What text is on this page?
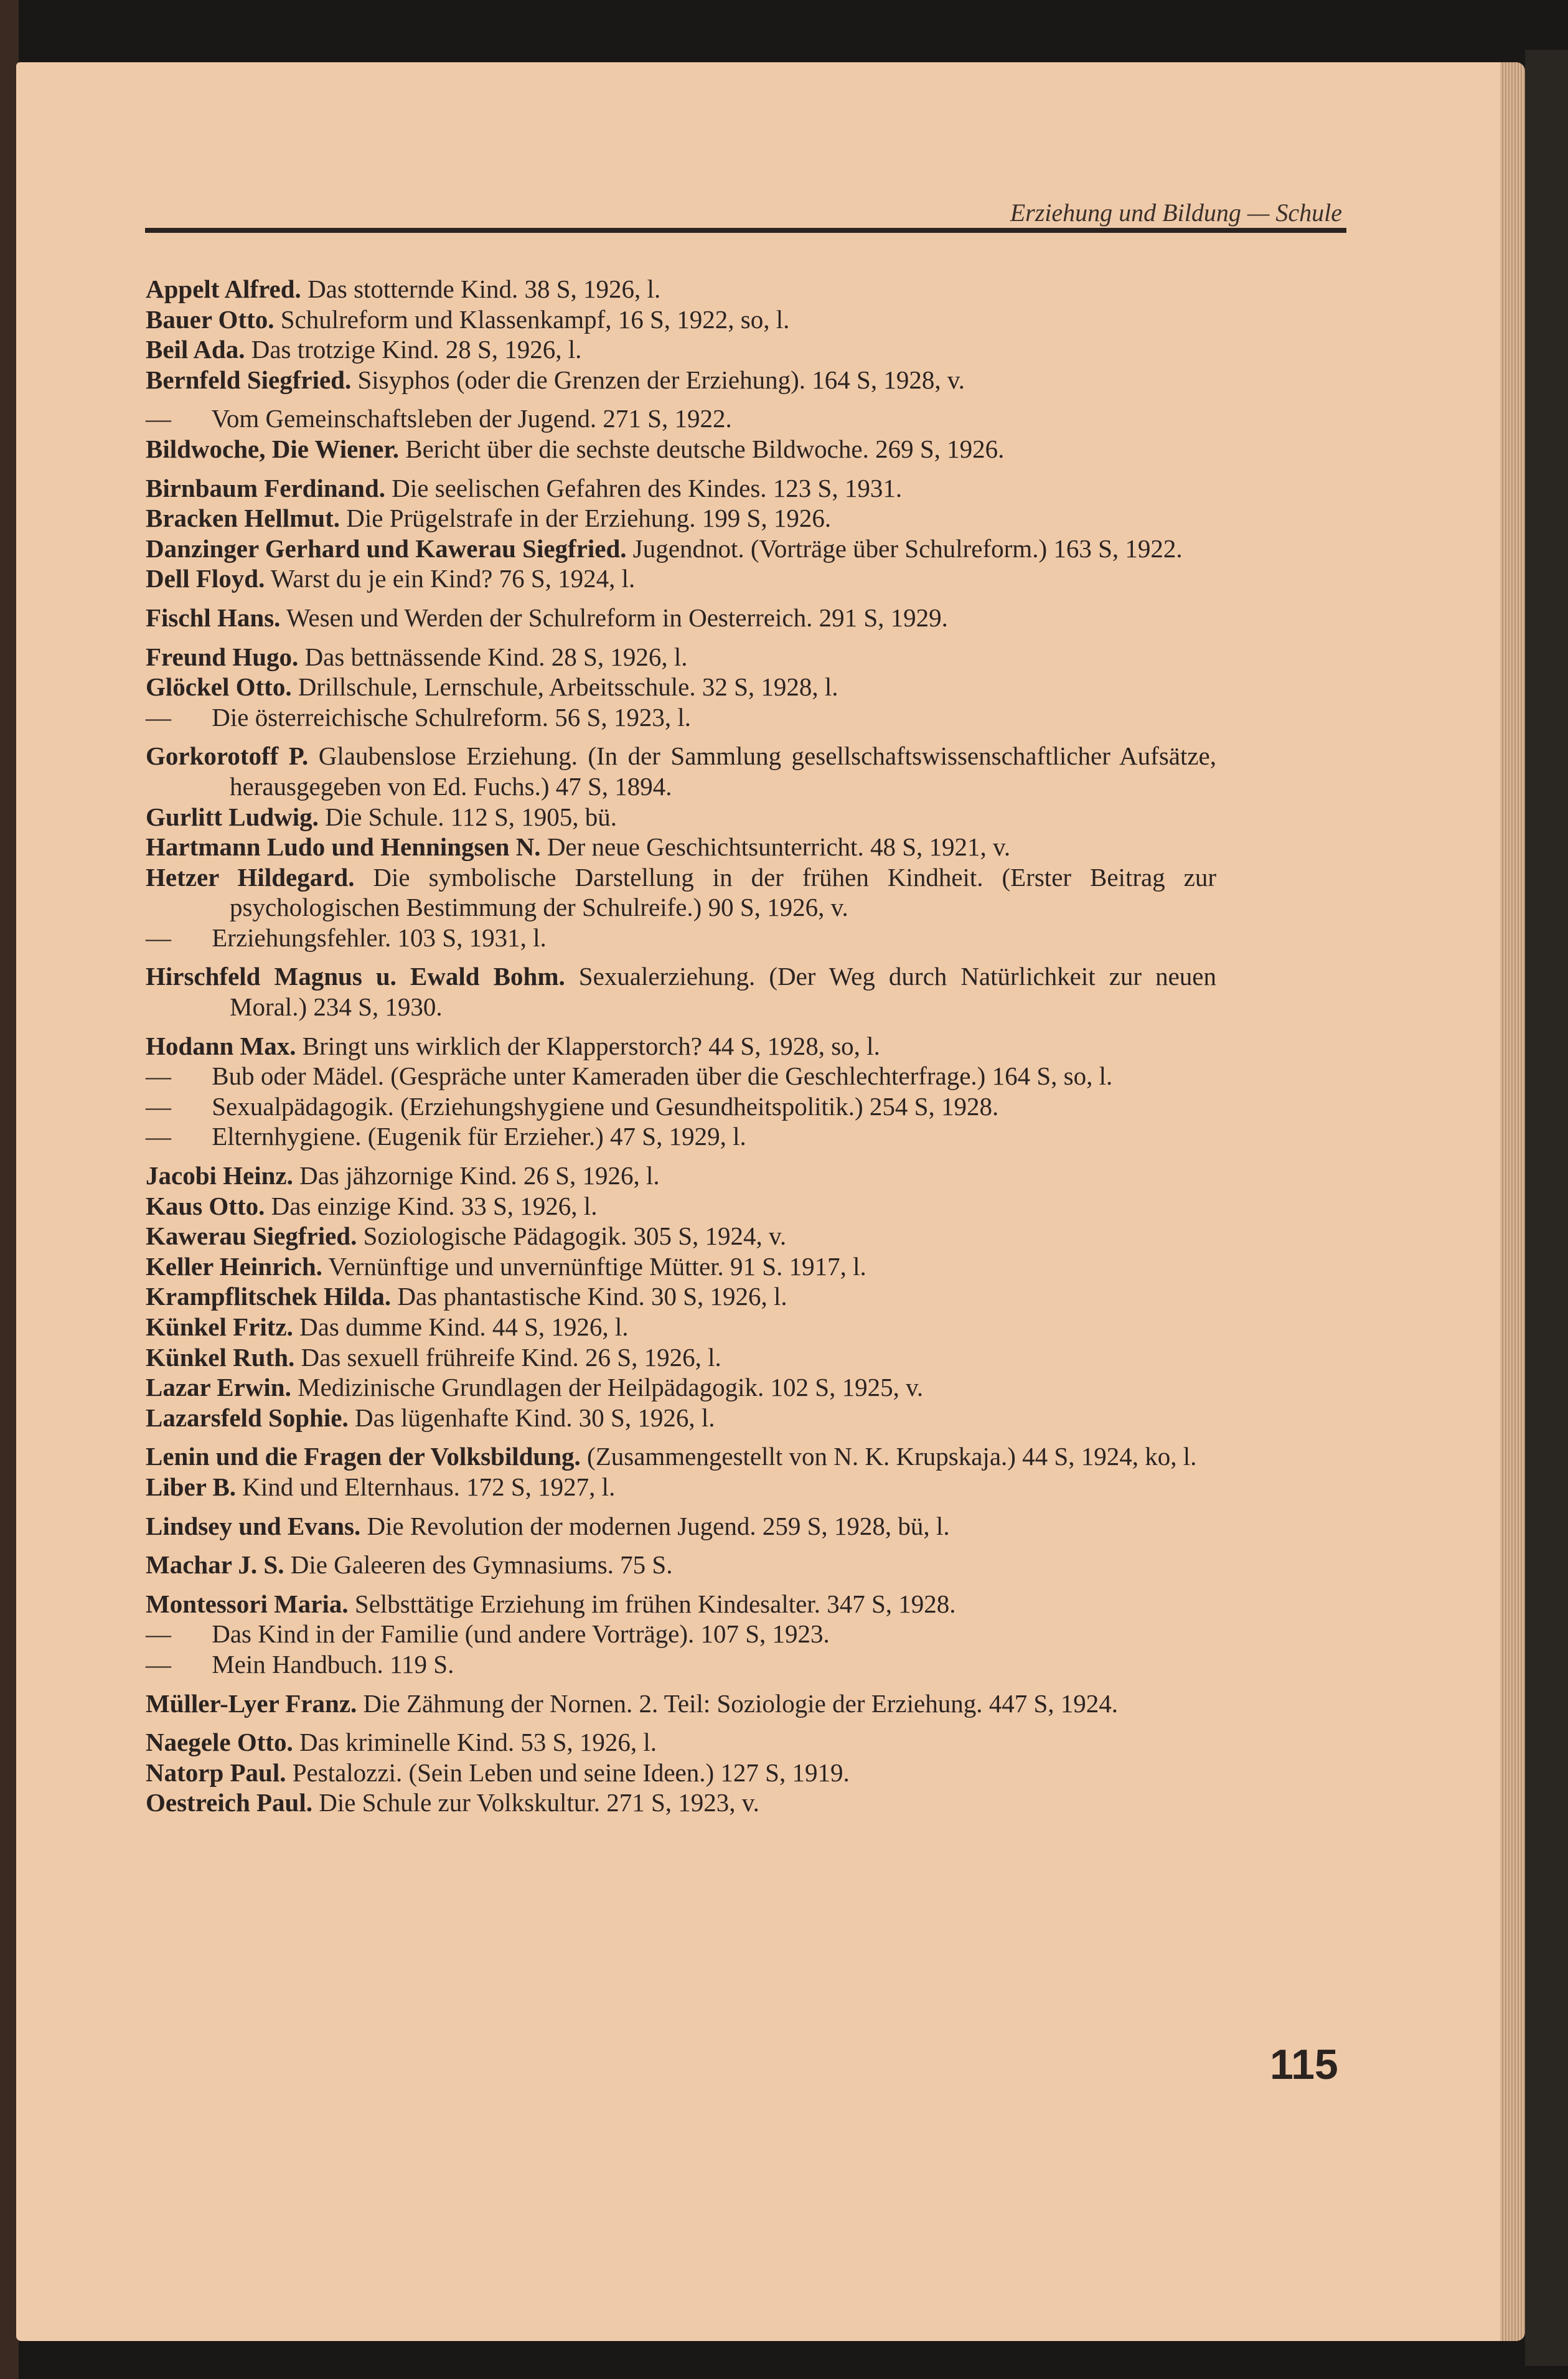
Erziehung und Bildung — Schule
Appelt Alfred. Das stotternde Kind. 38 S, 1926, l.
Bauer Otto. Schulreform und Klassenkampf, 16 S, 1922, so, l.
Beil Ada. Das trotzige Kind. 28 S, 1926, l.
Bernfeld Siegfried. Sisyphos (oder die Grenzen der Erziehung). 164 S, 1928, v.
— Vom Gemeinschaftsleben der Jugend. 271 S, 1922.
Bildwoche, Die Wiener. Bericht über die sechste deutsche Bildwoche. 269 S, 1926.
Birnbaum Ferdinand. Die seelischen Gefahren des Kindes. 123 S, 1931.
Bracken Hellmut. Die Prügelstrafe in der Erziehung. 199 S, 1926.
Danzinger Gerhard und Kawerau Siegfried. Jugendnot. (Vorträge über Schulreform.) 163 S, 1922.
Dell Floyd. Warst du je ein Kind? 76 S, 1924, l.
Fischl Hans. Wesen und Werden der Schulreform in Oesterreich. 291 S, 1929.
Freund Hugo. Das bettnässende Kind. 28 S, 1926, l.
Glöckel Otto. Drillschule, Lernschule, Arbeitsschule. 32 S, 1928, l.
— Die österreichische Schulreform. 56 S, 1923, l.
Gorkorotoff P. Glaubenslose Erziehung. (In der Sammlung gesellschaftswissenschaftlicher Aufsätze, herausgegeben von Ed. Fuchs.) 47 S, 1894.
Gurlitt Ludwig. Die Schule. 112 S, 1905, bü.
Hartmann Ludo und Henningsen N. Der neue Geschichtsunterricht. 48 S, 1921, v.
Hetzer Hildegard. Die symbolische Darstellung in der frühen Kindheit. (Erster Beitrag zur psychologischen Bestimmung der Schulreife.) 90 S, 1926, v.
— Erziehungsfehler. 103 S, 1931, l.
Hirschfeld Magnus u. Ewald Bohm. Sexualerziehung. (Der Weg durch Natürlichkeit zur neuen Moral.) 234 S, 1930.
Hodann Max. Bringt uns wirklich der Klapperstorch? 44 S, 1928, so, l.
— Bub oder Mädel. (Gespräche unter Kameraden über die Geschlechterfrage.) 164 S, so, l.
— Sexualpädagogik. (Erziehungshygiene und Gesundheitspolitik.) 254 S, 1928.
— Elternhygiene. (Eugenik für Erzieher.) 47 S, 1929, l.
Jacobi Heinz. Das jähzornige Kind. 26 S, 1926, l.
Kaus Otto. Das einzige Kind. 33 S, 1926, l.
Kawerau Siegfried. Soziologische Pädagogik. 305 S, 1924, v.
Keller Heinrich. Vernünftige und unvernünftige Mütter. 91 S. 1917, l.
Krampflitschek Hilda. Das phantastische Kind. 30 S, 1926, l.
Künkel Fritz. Das dumme Kind. 44 S, 1926, l.
Künkel Ruth. Das sexuell frühreife Kind. 26 S, 1926, l.
Lazar Erwin. Medizinische Grundlagen der Heilpädagogik. 102 S, 1925, v.
Lazarsfeld Sophie. Das lügenhafte Kind. 30 S, 1926, l.
Lenin und die Fragen der Volksbildung. (Zusammengestellt von N. K. Krupskaja.) 44 S, 1924, ko, l.
Liber B. Kind und Elternhaus. 172 S, 1927, l.
Lindsey und Evans. Die Revolution der modernen Jugend. 259 S, 1928, bü, l.
Machar J. S. Die Galeeren des Gymnasiums. 75 S.
Montessori Maria. Selbsttätige Erziehung im frühen Kindesalter. 347 S, 1928.
— Das Kind in der Familie (und andere Vorträge). 107 S, 1923.
— Mein Handbuch. 119 S.
Müller-Lyer Franz. Die Zähmung der Nornen. 2. Teil: Soziologie der Erziehung. 447 S, 1924.
Naegele Otto. Das kriminelle Kind. 53 S, 1926, l.
Natorp Paul. Pestalozzi. (Sein Leben und seine Ideen.) 127 S, 1919.
Oestreich Paul. Die Schule zur Volkskultur. 271 S, 1923, v.
115
